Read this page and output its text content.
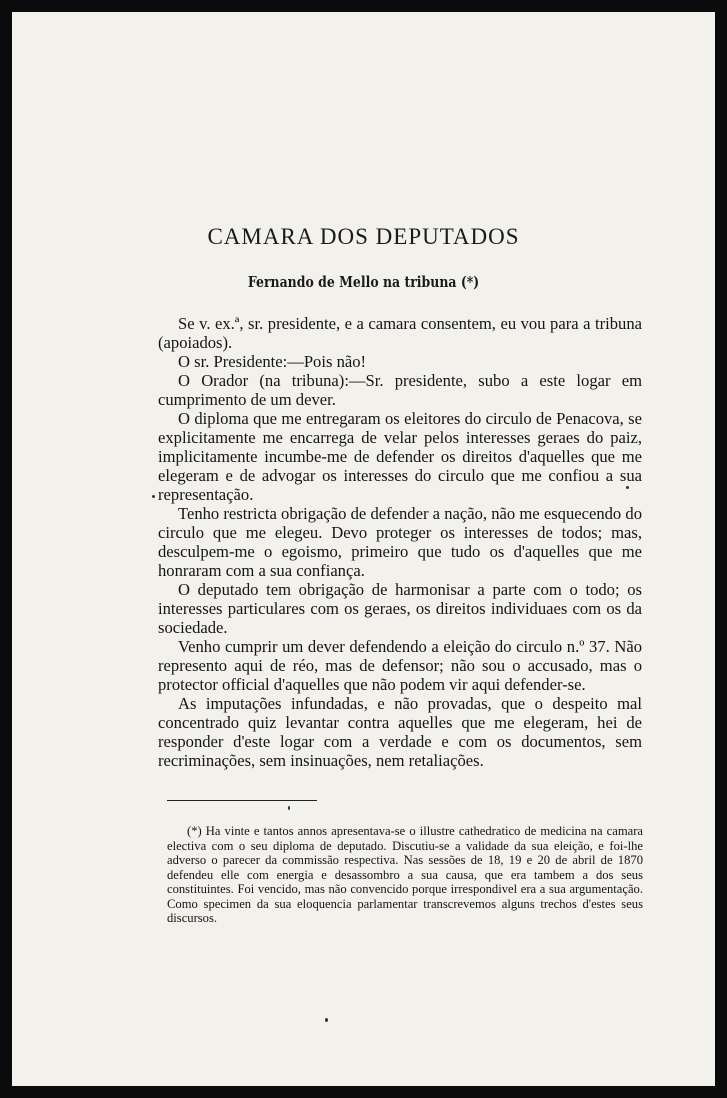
CAMARA DOS DEPUTADOS
Fernando de Mello na tribuna (*)

Se v. ex.ª, sr. presidente, e a camara consentem, eu vou para a tribuna (apoiados).

O sr. Presidente:—Pois não!

O Orador (na tribuna):—Sr. presidente, subo a este logar em cumprimento de um dever.

O diploma que me entregaram os eleitores do circulo de Penacova, se explicitamente me encarrega de velar pelos interesses geraes do paiz, implicitamente incumbe-me de defender os direitos d'aquelles que me elegeram e de advogar os interesses do circulo que me confiou a sua representação.

Tenho restricta obrigação de defender a nação, não me esquecendo do circulo que me elegeu. Devo proteger os interesses de todos; mas, desculpem-me o egoismo, primeiro que tudo os d'aquelles que me honraram com a sua confiança.

O deputado tem obrigação de harmonisar a parte com o todo; os interesses particulares com os geraes, os direitos individuaes com os da sociedade.

Venho cumprir um dever defendendo a eleição do circulo n.º 37. Não represento aqui de réo, mas de defensor; não sou o accusado, mas o protector official d'aquelles que não podem vir aqui defender-se.

As imputações infundadas, e não provadas, que o despeito mal concentrado quiz levantar contra aquelles que me elegeram, hei de responder d'este logar com a verdade e com os documentos, sem recriminações, sem insinuações, nem retaliações.

(*) Ha vinte e tantos annos apresentava-se o illustre cathedratico de medicina na camara electiva com o seu diploma de deputado. Discutiu-se a validade da sua eleição, e foi-lhe adverso o parecer da commissão respectiva. Nas sessões de 18, 19 e 20 de abril de 1870 defendeu elle com energia e desassombro a sua causa, que era tambem a dos seus constituintes. Foi vencido, mas não convencido porque irrespondivel era a sua argumentação. Como specimen da sua eloquencia parlamentar transcrevemos alguns trechos d'estes seus discursos.
